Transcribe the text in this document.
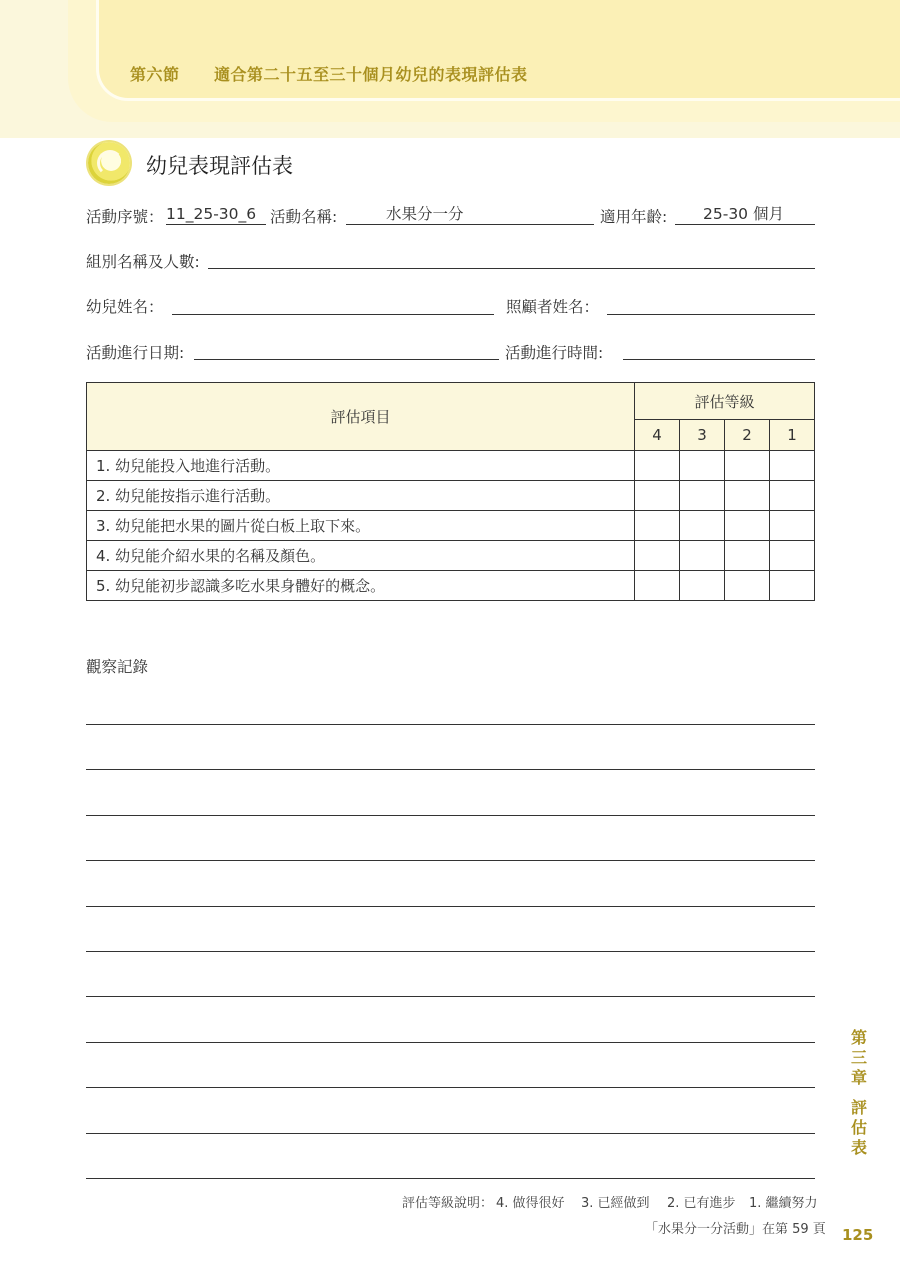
第六節 適合第二十五至三十個月幼兒的表現評估表
幼兒表現評估表
活動序號： 11_25-30_6 活動名稱:	水果分一分	適用年齡:	25-30 個月
組別名稱及人數:
幼兒姓名：	照顧者姓名：
活動進行日期:	活動進行時間:
評估項目	評估等級			
	4	3	2	1
1. 幼兒能投入地進行活動。				
2. 幼兒能按指示進行活動。				
3. 幼兒能把水果的圖片從白板上取下來。				
4. 幼兒能介紹水果的名稱及顏色。				
5. 幼兒能初步認識多吃水果身體好的概念。				
觀察記錄
第三章
評估表
評估等級說明： 4. 做得很好 3. 已經做到 2. 已有進步 1. 繼續努力
「水果分一分活動」在第 59 頁 125
